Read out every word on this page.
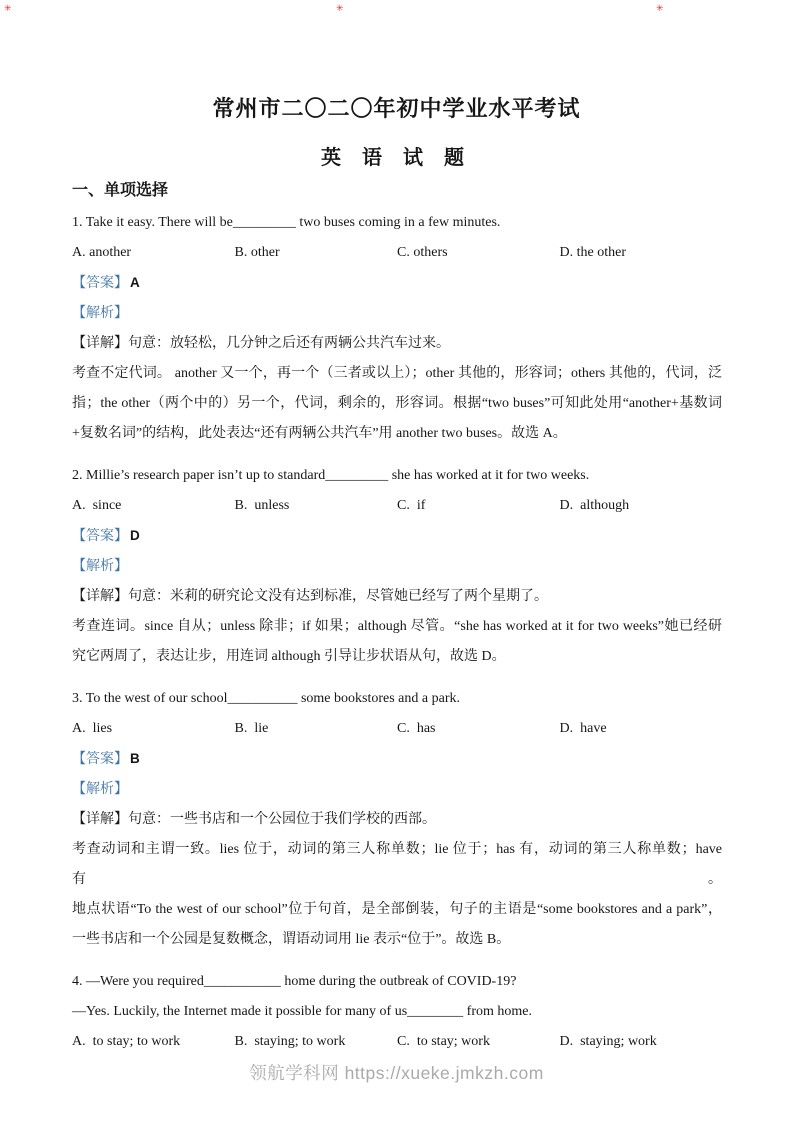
✳	✳	✳
常州市二〇二〇年初中学业水平考试
英 语 试 题
一、单项选择
1. Take it easy. There will be_________ two buses coming in a few minutes.
A. another	B. other	C. others	D. the other
【答案】 A
【解析】
【详解】句意：放轻松，几分钟之后还有两辆公共汽车过来。
考查不定代词。 another 又一个，再一个（三者或以上）；other 其他的，形容词；others 其他的，代词，泛
指；the other（两个中的）另一个，代词，剩余的，形容词。根据“two buses”可知此处用“another+基数词
+复数名词”的结构，此处表达“还有两辆公共汽车”用 another two buses。故选 A。
2. Millie’s research paper isn’t up to standard_________ she has worked at it for two weeks.
A.  since	B.  unless	C.  if	D.  although
【答案】 D
【解析】
【详解】句意：米莉的研究论文没有达到标准，尽管她已经写了两个星期了。
考查连词。since 自从；unless 除非；if 如果；although 尽管。“she has worked at it for two weeks”她已经研
究它两周了，表达让步，用连词 although 引导让步状语从句，故选 D。
3. To the west of our school__________ some bookstores and a park.
A.  lies	B.  lie	C.  has	D.  have
【答案】 B
【解析】
【详解】句意：一些书店和一个公园位于我们学校的西部。
考查动词和主谓一致。lies 位于，动词的第三人称单数；lie 位于；has 有，动词的第三人称单数；have 有。
地点状语“To the west of our school”位于句首，是全部倒装，句子的主语是“some bookstores and a park”，
一些书店和一个公园是复数概念，谓语动词用 lie 表示“位于”。故选 B。
4. —Were you required___________ home during the outbreak of COVID-19?
—Yes. Luckily, the Internet made it possible for many of us________ from home.
A.  to stay; to work	B.  staying; to work	C.  to stay; work	D.  staying; work
领航学科网 https://xueke.jmkzh.com
